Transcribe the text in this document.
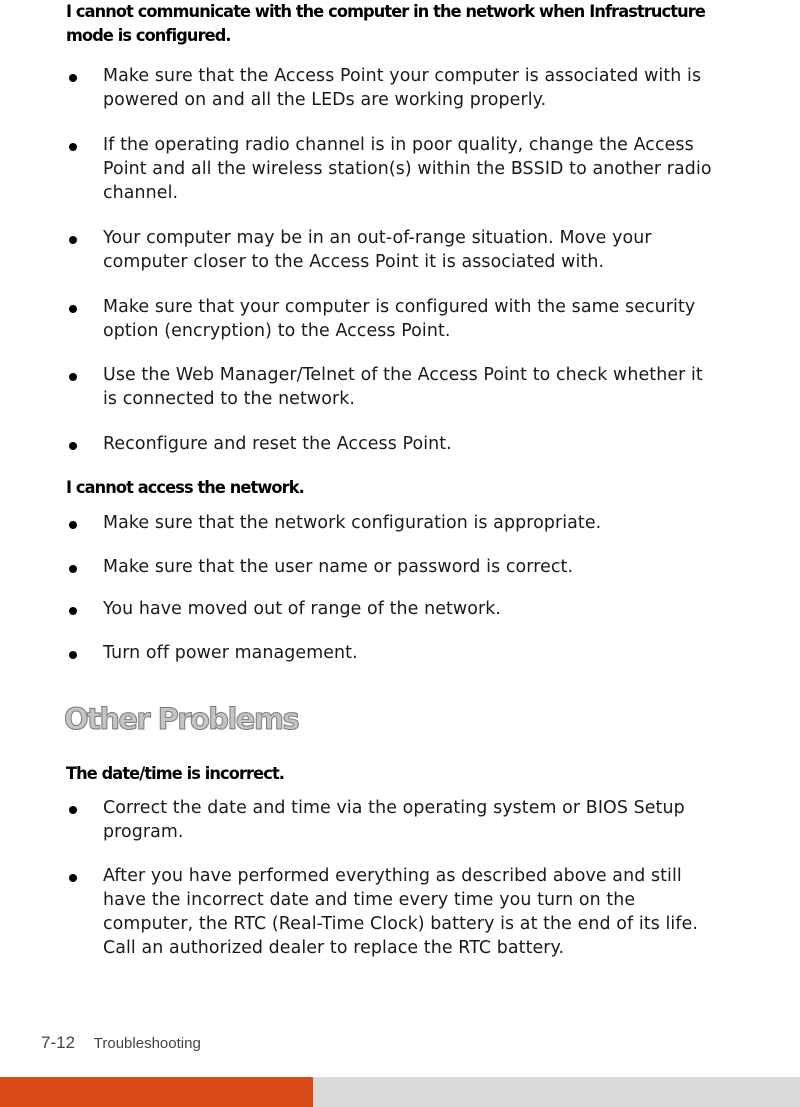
I cannot communicate with the computer in the network when Infrastructure
mode is configured.
Make sure that the Access Point your computer is associated with is
powered on and all the LEDs are working properly.
If the operating radio channel is in poor quality, change the Access
Point and all the wireless station(s) within the BSSID to another radio
channel.
Your computer may be in an out-of-range situation. Move your
computer closer to the Access Point it is associated with.
Make sure that your computer is configured with the same security
option (encryption) to the Access Point.
Use the Web Manager/Telnet of the Access Point to check whether it
is connected to the network.
Reconfigure and reset the Access Point.
I cannot access the network.
Make sure that the network configuration is appropriate.
Make sure that the user name or password is correct.
You have moved out of range of the network.
Turn off power management.
Other Problems
The date/time is incorrect.
Correct the date and time via the operating system or BIOS Setup
program.
After you have performed everything as described above and still
have the incorrect date and time every time you turn on the
computer, the RTC (Real-Time Clock) battery is at the end of its life.
Call an authorized dealer to replace the RTC battery.
7-12 Troubleshooting
